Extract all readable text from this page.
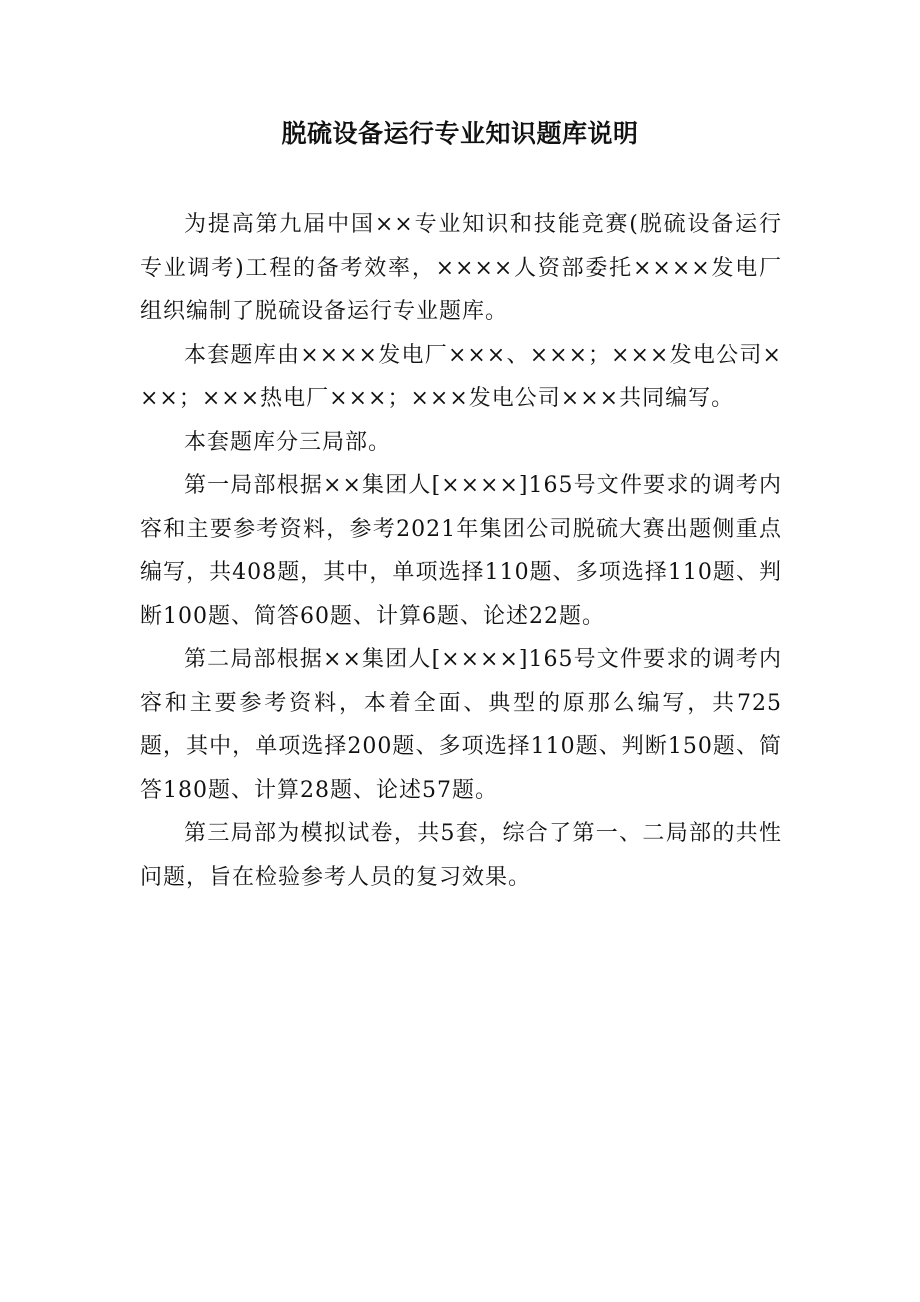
脱硫设备运行专业知识题库说明

为提高第九届中国××专业知识和技能竞赛(脱硫设备运行专业调考)工程的备考效率，××××人资部委托××××发电厂组织编制了脱硫设备运行专业题库。

本套题库由××××发电厂×××、×××；×××发电公司×××；×××热电厂×××；×××发电公司×××共同编写。

本套题库分三局部。

第一局部根据××集团人[××××]165号文件要求的调考内容和主要参考资料，参考2021年集团公司脱硫大赛出题侧重点编写，共408题，其中，单项选择110题、多项选择110题、判断100题、简答60题、计算6题、论述22题。

第二局部根据××集团人[××××]165号文件要求的调考内容和主要参考资料，本着全面、典型的原那么编写，共725题，其中，单项选择200题、多项选择110题、判断150题、简答180题、计算28题、论述57题。

第三局部为模拟试卷，共5套，综合了第一、二局部的共性问题，旨在检验参考人员的复习效果。
